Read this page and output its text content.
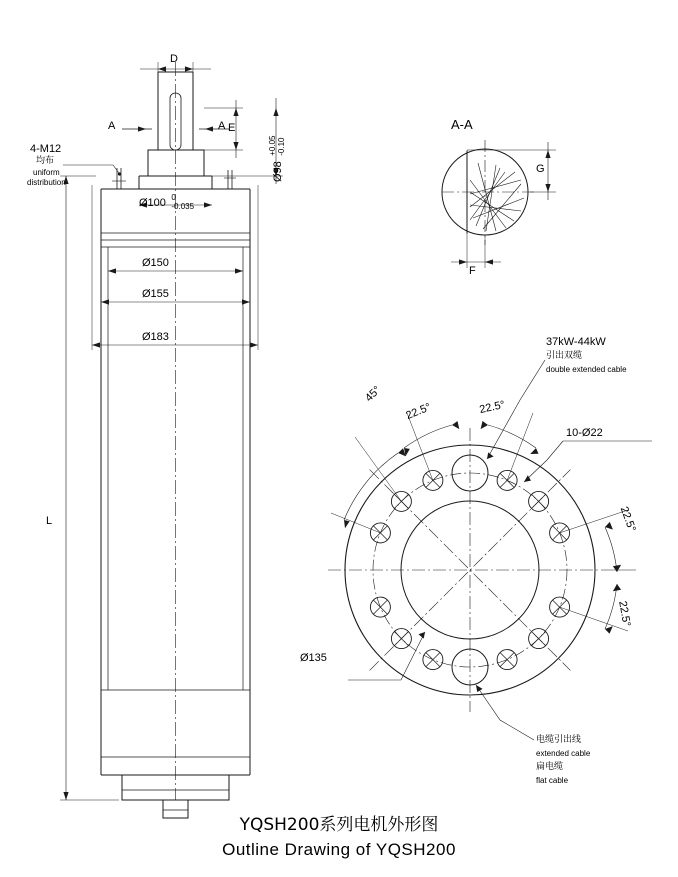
D
A	A E
Ø98
+0.05 -0.10
4-M12
均布
uniform
distribution
Ø100 0
-0.035
Ø150
Ø155
Ø183
L
A-A
G
F
37kW-44kW
引出双缆
double extended cable
10-Ø22
Ø135
电缆引出线
extended cable
扁电缆
flat cable
45°
22.5°	22.5°
22.5°
22.5°
YQSH200系列电机外形图
Outline Drawing of YQSH200
